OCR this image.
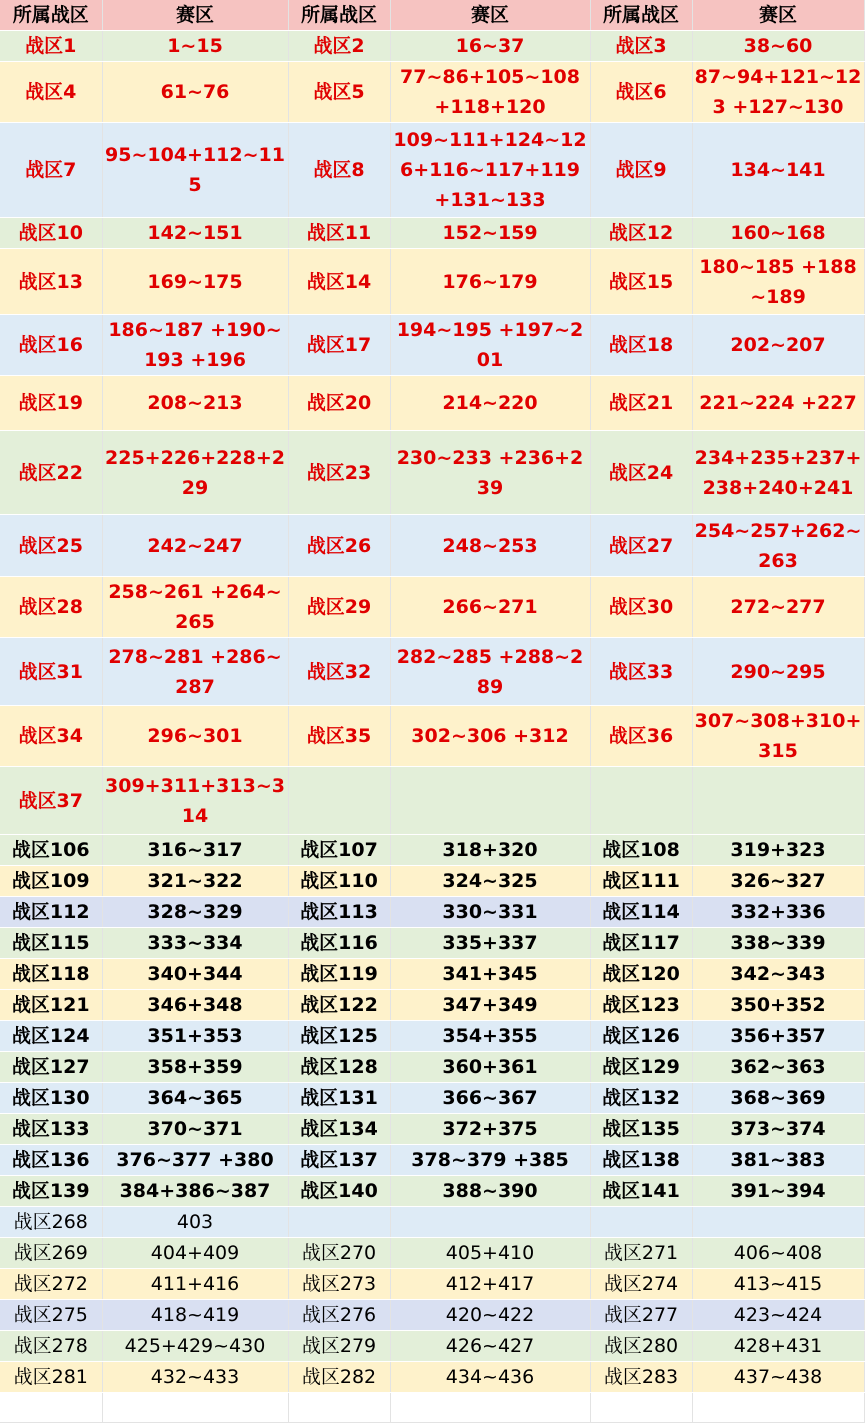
所属战区	赛区	所属战区	赛区	所属战区	赛区
战区1	1~15	战区2	16~37	战区3	38~60
战区4	61~76	战区5	77~86+105~108 +118+120	战区6	87~94+121~123 +127~130
战区7	95~104+112~115	战区8	109~111+124~126+116~117+119+131~133	战区9	134~141
战区10	142~151	战区11	152~159	战区12	160~168
战区13	169~175	战区14	176~179	战区15	180~185 +188~189
战区16	186~187 +190~193 +196	战区17	194~195 +197~201	战区18	202~207
战区19	208~213	战区20	214~220	战区21	221~224 +227
战区22	225+226+228+229	战区23	230~233 +236+239	战区24	234+235+237+238+240+241
战区25	242~247	战区26	248~253	战区27	254~257+262~263
战区28	258~261 +264~265	战区29	266~271	战区30	272~277
战区31	278~281 +286~287	战区32	282~285 +288~289	战区33	290~295
战区34	296~301	战区35	302~306 +312	战区36	307~308+310+315
战区37	309+311+313~314				
战区106	316~317	战区107	318+320	战区108	319+323
战区109	321~322	战区110	324~325	战区111	326~327
战区112	328~329	战区113	330~331	战区114	332+336
战区115	333~334	战区116	335+337	战区117	338~339
战区118	340+344	战区119	341+345	战区120	342~343
战区121	346+348	战区122	347+349	战区123	350+352
战区124	351+353	战区125	354+355	战区126	356+357
战区127	358+359	战区128	360+361	战区129	362~363
战区130	364~365	战区131	366~367	战区132	368~369
战区133	370~371	战区134	372+375	战区135	373~374
战区136	376~377 +380	战区137	378~379 +385	战区138	381~383
战区139	384+386~387	战区140	388~390	战区141	391~394
战区268	403				
战区269	404+409	战区270	405+410	战区271	406~408
战区272	411+416	战区273	412+417	战区274	413~415
战区275	418~419	战区276	420~422	战区277	423~424
战区278	425+429~430	战区279	426~427	战区280	428+431
战区281	432~433	战区282	434~436	战区283	437~438
